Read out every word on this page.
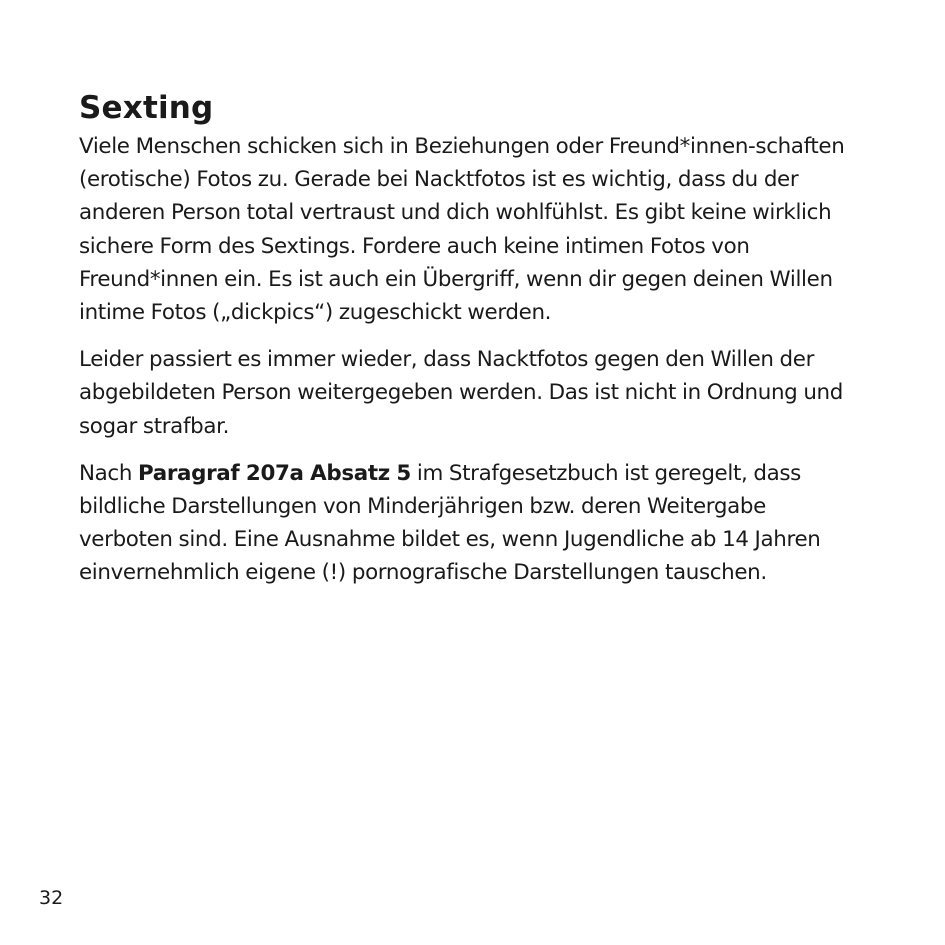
Sexting

Viele Menschen schicken sich in Beziehungen oder Freund*innen-schaften (erotische) Fotos zu. Gerade bei Nacktfotos ist es wichtig, dass du der anderen Person total vertraust und dich wohlfühlst. Es gibt keine wirklich sichere Form des Sextings. Fordere auch keine intimen Fotos von Freund*innen ein. Es ist auch ein Übergriff, wenn dir gegen deinen Willen intime Fotos („dickpics“) zugeschickt werden.

Leider passiert es immer wieder, dass Nacktfotos gegen den Willen der abgebildeten Person weitergegeben werden. Das ist nicht in Ordnung und sogar strafbar.

Nach Paragraf 207a Absatz 5 im Strafgesetzbuch ist geregelt, dass bildliche Darstellungen von Minderjährigen bzw. deren Weitergabe verboten sind. Eine Ausnahme bildet es, wenn Jugendliche ab 14 Jahren einvernehmlich eigene (!) pornografische Darstellungen tauschen.

32
